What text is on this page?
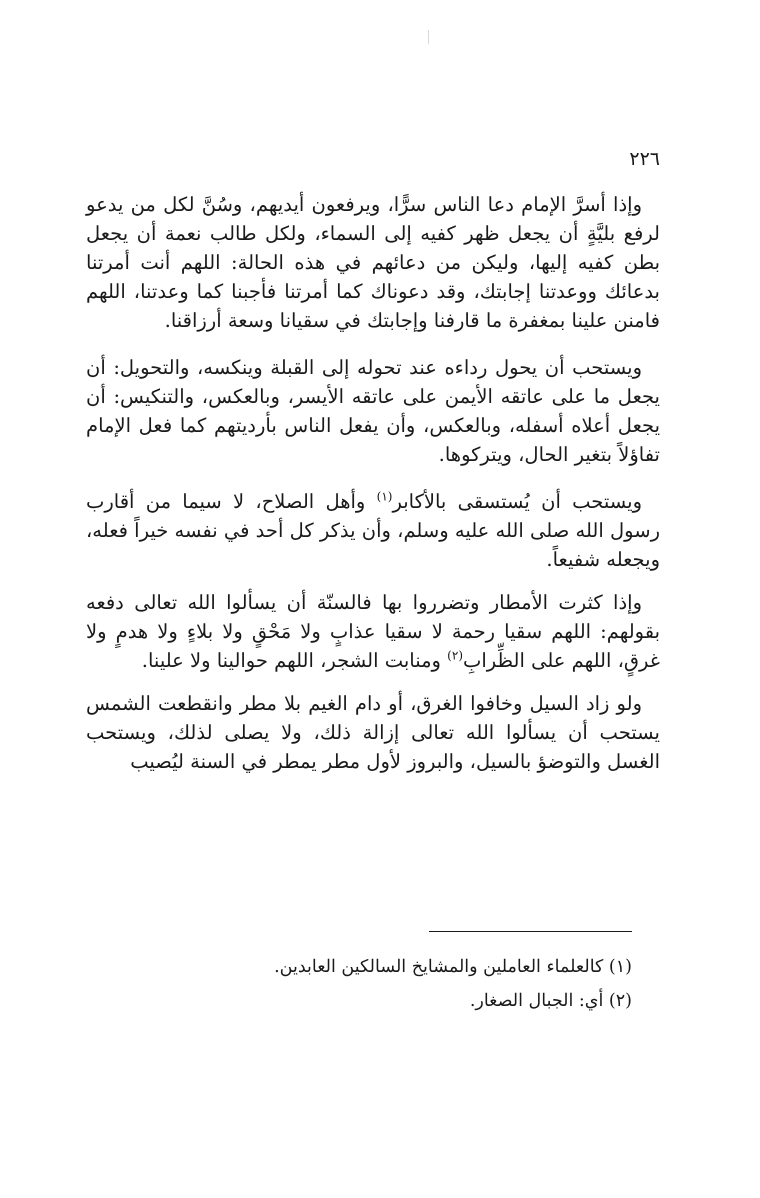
٢٢٦

وإذا أسرَّ الإمام دعا الناس سرًّا، ويرفعون أيديهم، وسُنَّ لكل من يدعو لرفع بليَّةٍ أن يجعل ظهر كفيه إلى السماء، ولكل طالب نعمة أن يجعل بطن كفيه إليها، وليكن من دعائهم في هذه الحالة: اللهم أنت أمرتنا بدعائك ووعدتنا إجابتك، وقد دعوناك كما أمرتنا فأجبنا كما وعدتنا، اللهم فامنن علينا بمغفرة ما قارفنا وإجابتك في سقيانا وسعة أرزاقنا.

ويستحب أن يحول رداءه عند تحوله إلى القبلة وينكسه، والتحويل: أن يجعل ما على عاتقه الأيمن على عاتقه الأيسر، وبالعكس، والتنكيس: أن يجعل أعلاه أسفله، وبالعكس، وأن يفعل الناس بأرديتهم كما فعل الإمام تفاؤلاً بتغير الحال، ويتركوها.

ويستحب أن يُستسقى بالأكابر$^{(١)}$ وأهل الصلاح، لا سيما من أقارب رسول الله صلى الله عليه وسلم، وأن يذكر كل أحد في نفسه خيراً فعله، ويجعله شفيعاً.

وإذا كثرت الأمطار وتضرروا بها فالسنّة أن يسألوا الله تعالى دفعه بقولهم: اللهم سقيا رحمة لا سقيا عذابٍ ولا مَحْقٍ ولا بلاءٍ ولا هدمٍ ولا غرقٍ، اللهم على الظِّرابِ$^{(٢)}$ ومنابت الشجر، اللهم حوالينا ولا علينا.

ولو زاد السيل وخافوا الغرق، أو دام الغيم بلا مطر وانقطعت الشمس يستحب أن يسألوا الله تعالى إزالة ذلك، ولا يصلى لذلك، ويستحب الغسل والتوضؤ بالسيل، والبروز لأول مطر يمطر في السنة ليُصيب

(١) كالعلماء العاملين والمشايخ السالكين العابدين.

(٢) أي: الجبال الصغار.
